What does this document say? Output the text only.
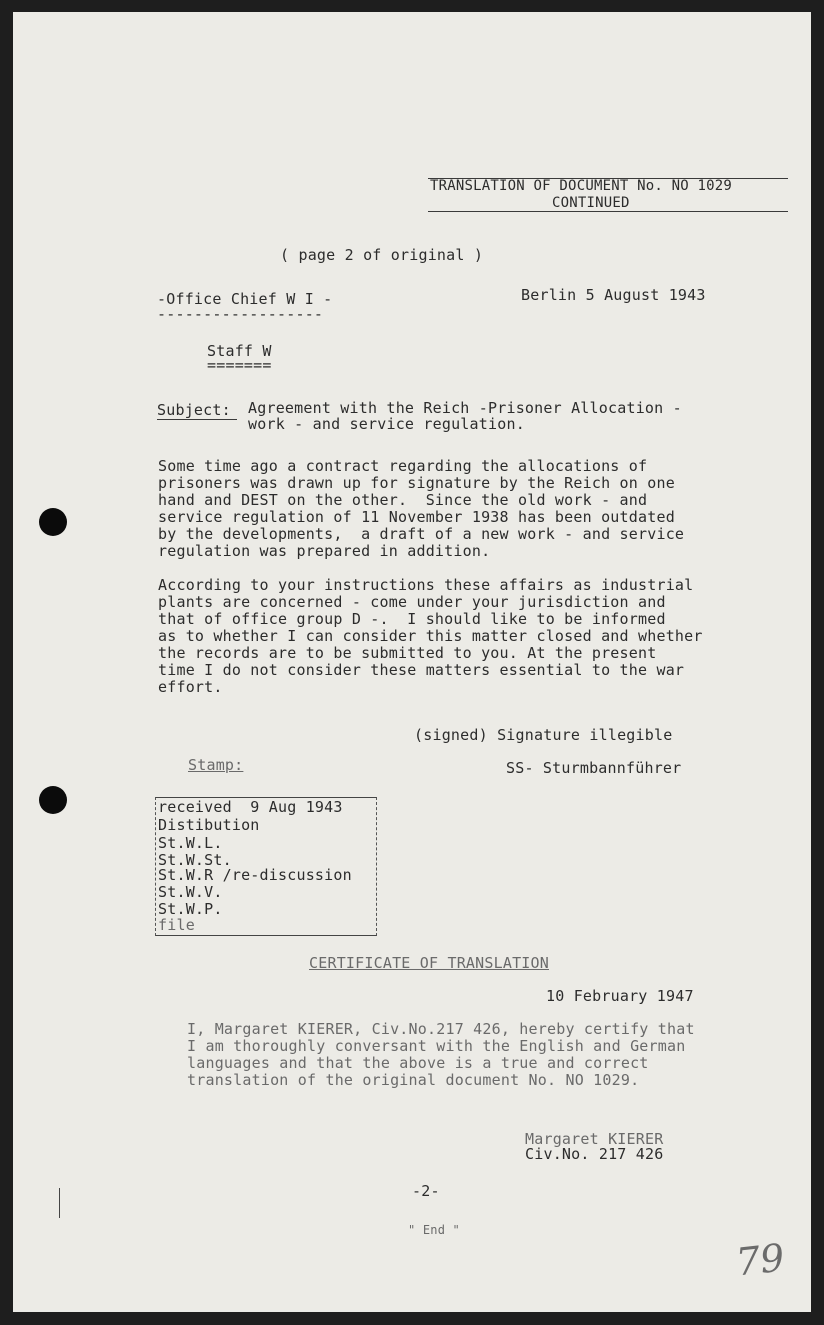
TRANSLATION OF DOCUMENT No. NO 1029
CONTINUED
( page 2 of original )
-Office Chief W I -
------------------
Berlin 5 August 1943
Staff W
=======
Subject: Agreement with the Reich -Prisoner Allocation -
work - and service regulation.
Some time ago a contract regarding the allocations of
prisoners was drawn up for signature by the Reich on one
hand and DEST on the other.  Since the old work - and
service regulation of 11 November 1938 has been outdated
by the developments,  a draft of a new work - and service
regulation was prepared in addition.
According to your instructions these affairs as industrial
plants are concerned - come under your jurisdiction and
that of office group D -.  I should like to be informed
as to whether I can consider this matter closed and whether
the records are to be submitted to you. At the present
time I do not consider these matters essential to the war
effort.
(signed) Signature illegible
SS- Sturmbannführer
Stamp:
received  9 Aug 1943
Distibution
St.W.L.
St.W.St.
St.W.R /re-discussion
St.W.V.
St.W.P.
file
CERTIFICATE OF TRANSLATION
10 February 1947
I, Margaret KIERER, Civ.No.217 426, hereby certify that
I am thoroughly conversant with the English and German
languages and that the above is a true and correct
translation of the original document No. NO 1029.
Margaret KIERER
Civ.No. 217 426
-2-
" End "
79
